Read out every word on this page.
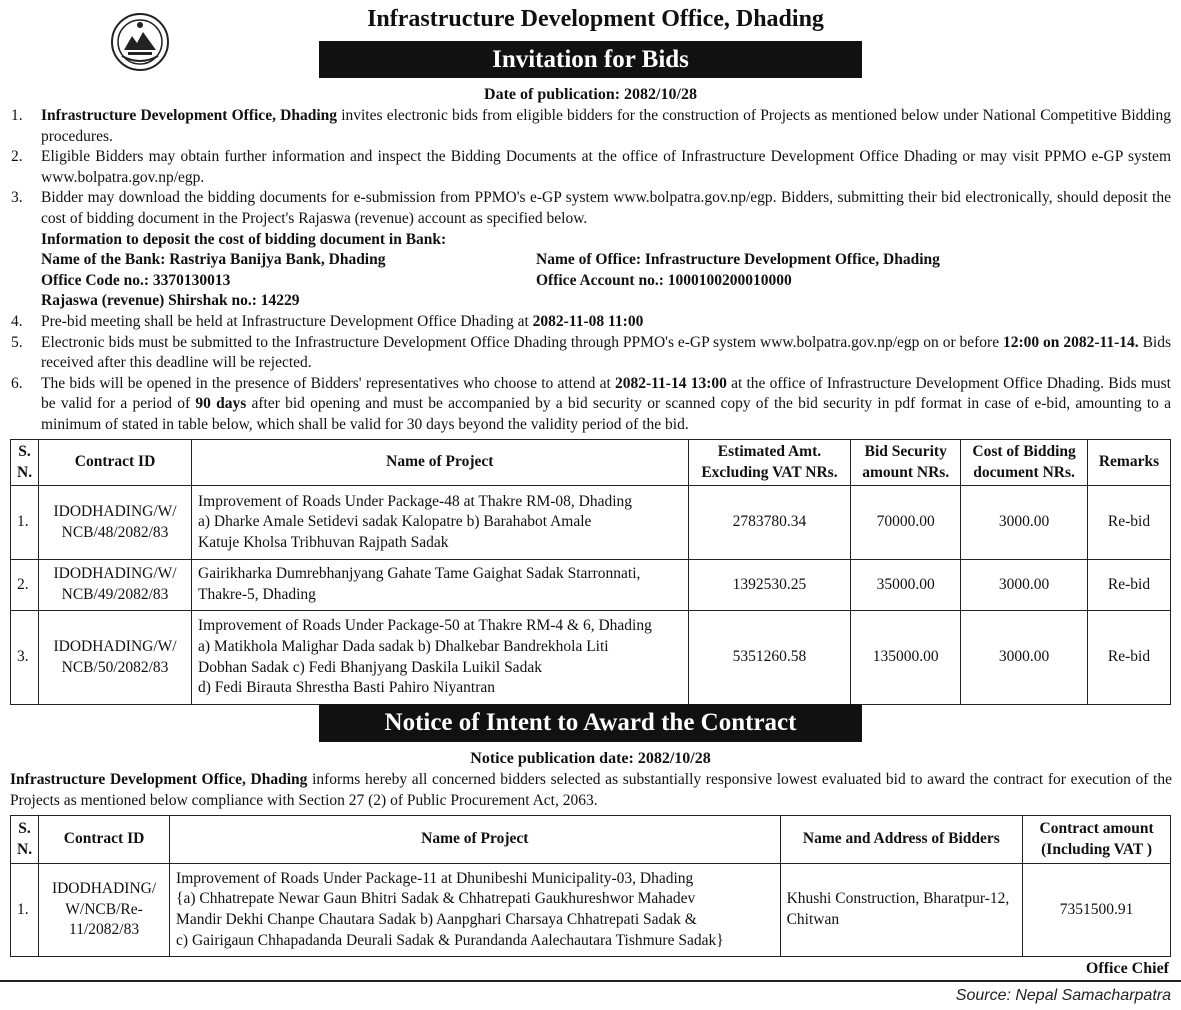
Infrastructure Development Office, Dhading
Invitation for Bids
Date of publication: 2082/10/28
1. Infrastructure Development Office, Dhading invites electronic bids from eligible bidders for the construction of Projects as mentioned below under National Competitive Bidding procedures.
2. Eligible Bidders may obtain further information and inspect the Bidding Documents at the office of Infrastructure Development Office Dhading or may visit PPMO e-GP system www.bolpatra.gov.np/egp.
3. Bidder may download the bidding documents for e-submission from PPMO's e-GP system www.bolpatra.gov.np/egp. Bidders, submitting their bid electronically, should deposit the cost of bidding document in the Project's Rajaswa (revenue) account as specified below.
Information to deposit the cost of bidding document in Bank:
Name of the Bank: Rastriya Banijya Bank, Dhading	Name of Office: Infrastructure Development Office, Dhading
Office Code no.: 3370130013	Office Account no.: 1000100200010000
Rajaswa (revenue) Shirshak no.: 14229
4. Pre-bid meeting shall be held at Infrastructure Development Office Dhading at 2082-11-08 11:00
5. Electronic bids must be submitted to the Infrastructure Development Office Dhading through PPMO's e-GP system www.bolpatra.gov.np/egp on or before 12:00 on 2082-11-14. Bids received after this deadline will be rejected.
6. The bids will be opened in the presence of Bidders' representatives who choose to attend at 2082-11-14 13:00 at the office of Infrastructure Development Office Dhading. Bids must be valid for a period of 90 days after bid opening and must be accompanied by a bid security or scanned copy of the bid security in pdf format in case of e-bid, amounting to a minimum of stated in table below, which shall be valid for 30 days beyond the validity period of the bid.
S. N.	Contract ID	Name of Project	Estimated Amt. Excluding VAT NRs.	Bid Security amount NRs.	Cost of Bidding document NRs.	Remarks
1.	IDODHADING/W/ NCB/48/2082/83	Improvement of Roads Under Package-48 at Thakre RM-08, Dhading
a) Dharke Amale Setidevi sadak Kalopatre b) Barahabot Amale
Katuje Kholsa Tribhuvan Rajpath Sadak	2783780.34	70000.00	3000.00	Re-bid
2.	IDODHADING/W/ NCB/49/2082/83	Gairikharka Dumrebhanjyang Gahate Tame Gaighat Sadak Starronnati,
Thakre-5, Dhading	1392530.25	35000.00	3000.00	Re-bid
3.	IDODHADING/W/ NCB/50/2082/83	Improvement of Roads Under Package-50 at Thakre RM-4 & 6, Dhading
a) Matikhola Malighar Dada sadak b) Dhalkebar Bandrekhola Liti
Dobhan Sadak c) Fedi Bhanjyang Daskila Luikil Sadak
d) Fedi Birauta Shrestha Basti Pahiro Niyantran	5351260.58	135000.00	3000.00	Re-bid
Notice of Intent to Award the Contract
Notice publication date: 2082/10/28
Infrastructure Development Office, Dhading informs hereby all concerned bidders selected as substantially responsive lowest evaluated bid to award the contract for execution of the Projects as mentioned below compliance with Section 27 (2) of Public Procurement Act, 2063.
S. N.	Contract ID	Name of Project	Name and Address of Bidders	Contract amount (Including VAT )
1.	IDODHADING/ W/NCB/Re- 11/2082/83	Improvement of Roads Under Package-11 at Dhunibeshi Municipality-03, Dhading
{a) Chhatrepate Newar Gaun Bhitri Sadak & Chhatrepati Gaukhureshwor Mahadev
Mandir Dekhi Chanpe Chautara Sadak b) Aanpghari Charsaya Chhatrepati Sadak &
c) Gairigaun Chhapadanda Deurali Sadak & Purandanda Aalechautara Tishmure Sadak}	Khushi Construction, Bharatpur-12, Chitwan	7351500.91
Office Chief
Source: Nepal Samacharpatra
